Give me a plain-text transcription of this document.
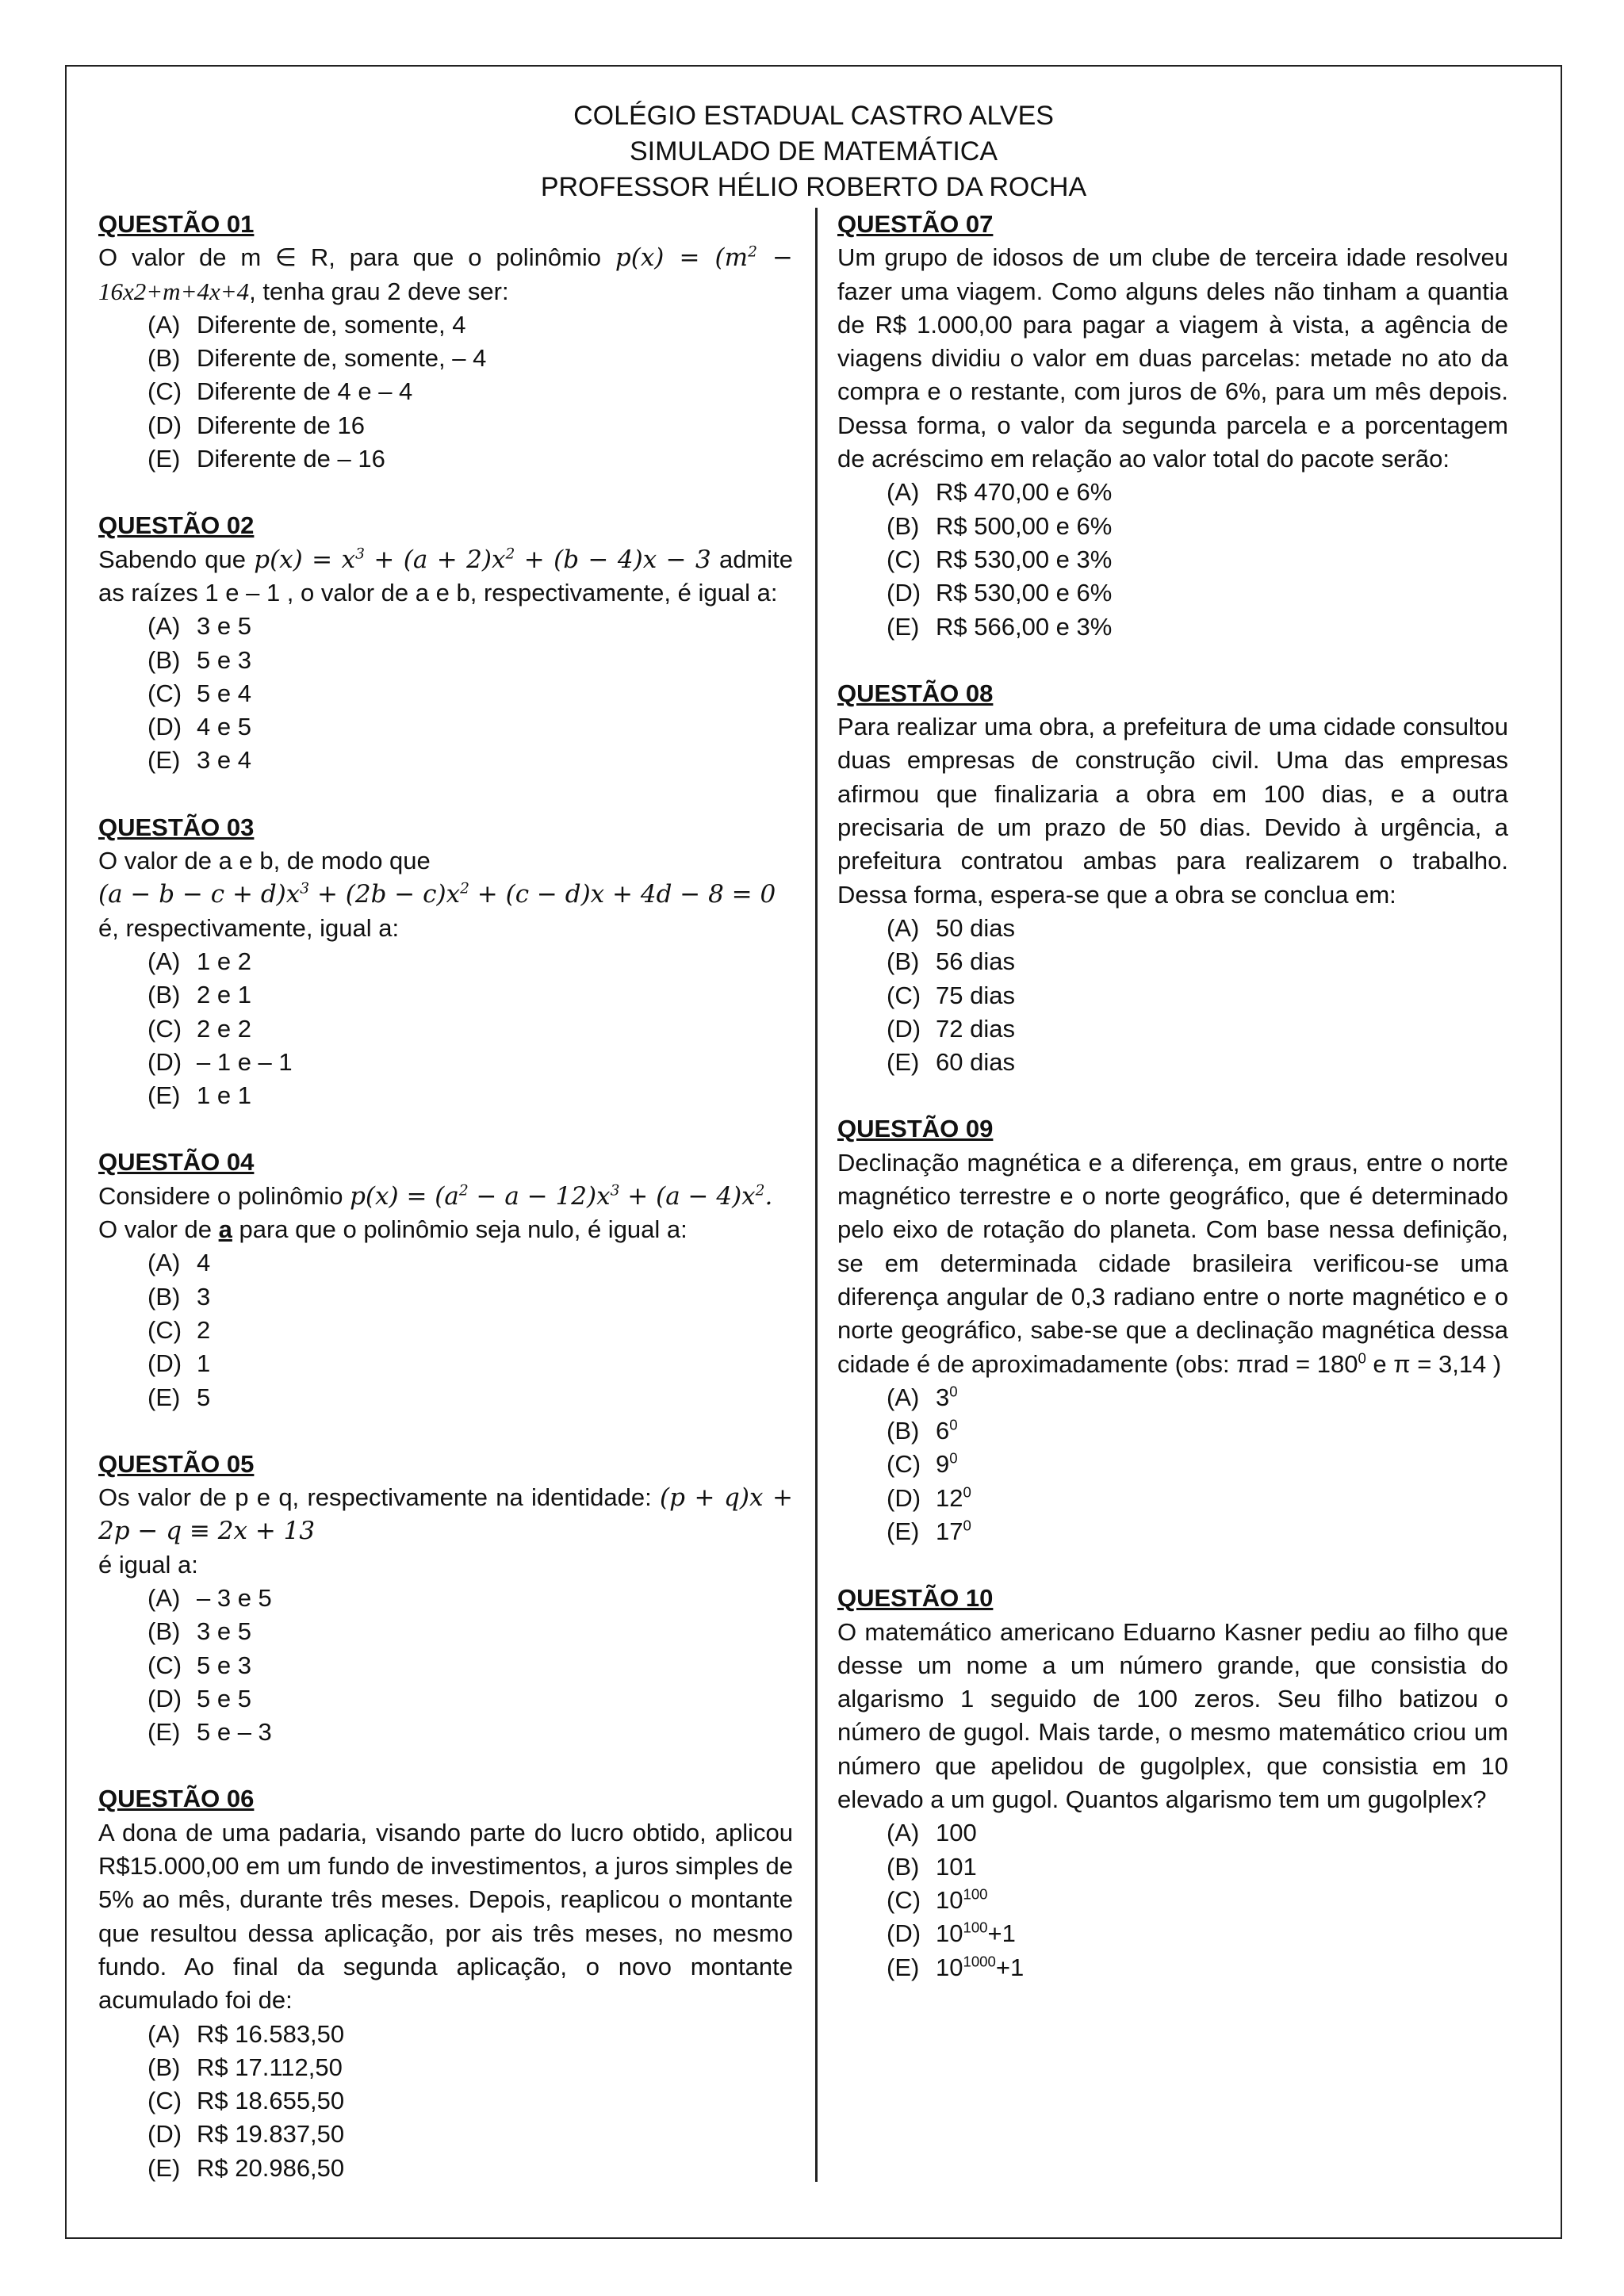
COLÉGIO ESTADUAL CASTRO ALVES
SIMULADO DE MATEMÁTICA
PROFESSOR HÉLIO ROBERTO DA ROCHA
QUESTÃO 01

O valor de m ∈ R, para que o polinômio $p(x) = (m^2 - 16x2+m+4x+4$, tenha grau 2 deve ser:

(A) Diferente de, somente, 4
(B) Diferente de, somente, – 4
(C) Diferente de 4 e – 4
(D) Diferente de 16
(E) Diferente de – 16
QUESTÃO 02

Sabendo que $p(x) = x^3 + (a + 2)x^2 + (b - 4)x - 3$ admite as raízes 1 e – 1 , o valor de a e b, respectivamente, é igual a:

(A) 3 e 5
(B) 5 e 3
(C) 5 e 4
(D) 4 e 5
(E) 3 e 4
QUESTÃO 03

O valor de a e b, de modo que
$(a - b - c + d)x^3 + (2b - c)x^2 + (c - d)x + 4d - 8 = 0$
é, respectivamente, igual a:

(A) 1 e 2
(B) 2 e 1
(C) 2 e 2
(D) – 1 e – 1
(E) 1 e 1
QUESTÃO 04

Considere o polinômio $p(x) = (a^2 - a - 12)x^3 + (a - 4)x^2$.
O valor de a para que o polinômio seja nulo, é igual a:

(A) 4
(B) 3
(C) 2
(D) 1
(E) 5
QUESTÃO 05

Os valor de p e q, respectivamente na identidade: (p + q)x + 2p − q ≡ 2x + 13
é igual a:

(A) – 3 e 5
(B) 3 e 5
(C) 5 e 3
(D) 5 e 5
(E) 5 e – 3
QUESTÃO 06

A dona de uma padaria, visando parte do lucro obtido, aplicou R$15.000,00 em um fundo de investimentos, a juros simples de 5% ao mês, durante três meses. Depois, reaplicou o montante que resultou dessa aplicação, por ais três meses, no mesmo fundo. Ao final da segunda aplicação, o novo montante acumulado foi de:

(A) R$ 16.583,50
(B) R$ 17.112,50
(C) R$ 18.655,50
(D) R$ 19.837,50
(E) R$ 20.986,50
QUESTÃO 07

Um grupo de idosos de um clube de terceira idade resolveu fazer uma viagem. Como alguns deles não tinham a quantia de R$ 1.000,00 para pagar a viagem à vista, a agência de viagens dividiu o valor em duas parcelas: metade no ato da compra e o restante, com juros de 6%, para um mês depois. Dessa forma, o valor da segunda parcela e a porcentagem de acréscimo em relação ao valor total do pacote serão:

(A) R$ 470,00 e 6%
(B) R$ 500,00 e 6%
(C) R$ 530,00 e 3%
(D) R$ 530,00 e 6%
(E) R$ 566,00 e 3%
QUESTÃO 08

Para realizar uma obra, a prefeitura de uma cidade consultou duas empresas de construção civil. Uma das empresas afirmou que finalizaria a obra em 100 dias, e a outra precisaria de um prazo de 50 dias. Devido à urgência, a prefeitura contratou ambas para realizarem o trabalho. Dessa forma, espera-se que a obra se conclua em:

(A) 50 dias
(B) 56 dias
(C) 75 dias
(D) 72 dias
(E) 60 dias
QUESTÃO 09

Declinação magnética e a diferença, em graus, entre o norte magnético terrestre e o norte geográfico, que é determinado pelo eixo de rotação do planeta. Com base nessa definição, se em determinada cidade brasileira verificou-se uma diferença angular de 0,3 radiano entre o norte magnético e o norte geográfico, sabe-se que a declinação magnética dessa cidade é de aproximadamente (obs: $\pi rad = 180^0$ e π = 3,14 )

(A) $3^0$
(B) $6^0$
(C) $9^0$
(D) $12^0$
(E) $17^0$
QUESTÃO 10

O matemático americano Eduarno Kasner pediu ao filho que desse um nome a um número grande, que consistia do algarismo 1 seguido de 100 zeros. Seu filho batizou o número de gugol. Mais tarde, o mesmo matemático criou um número que apelidou de gugolplex, que consistia em 10 elevado a um gugol. Quantos algarismo tem um gugolplex?

(A) 100
(B) 101
(C) $10^{100}$
(D) $10^{100}+1$
(E) $10^{1000}+1$
